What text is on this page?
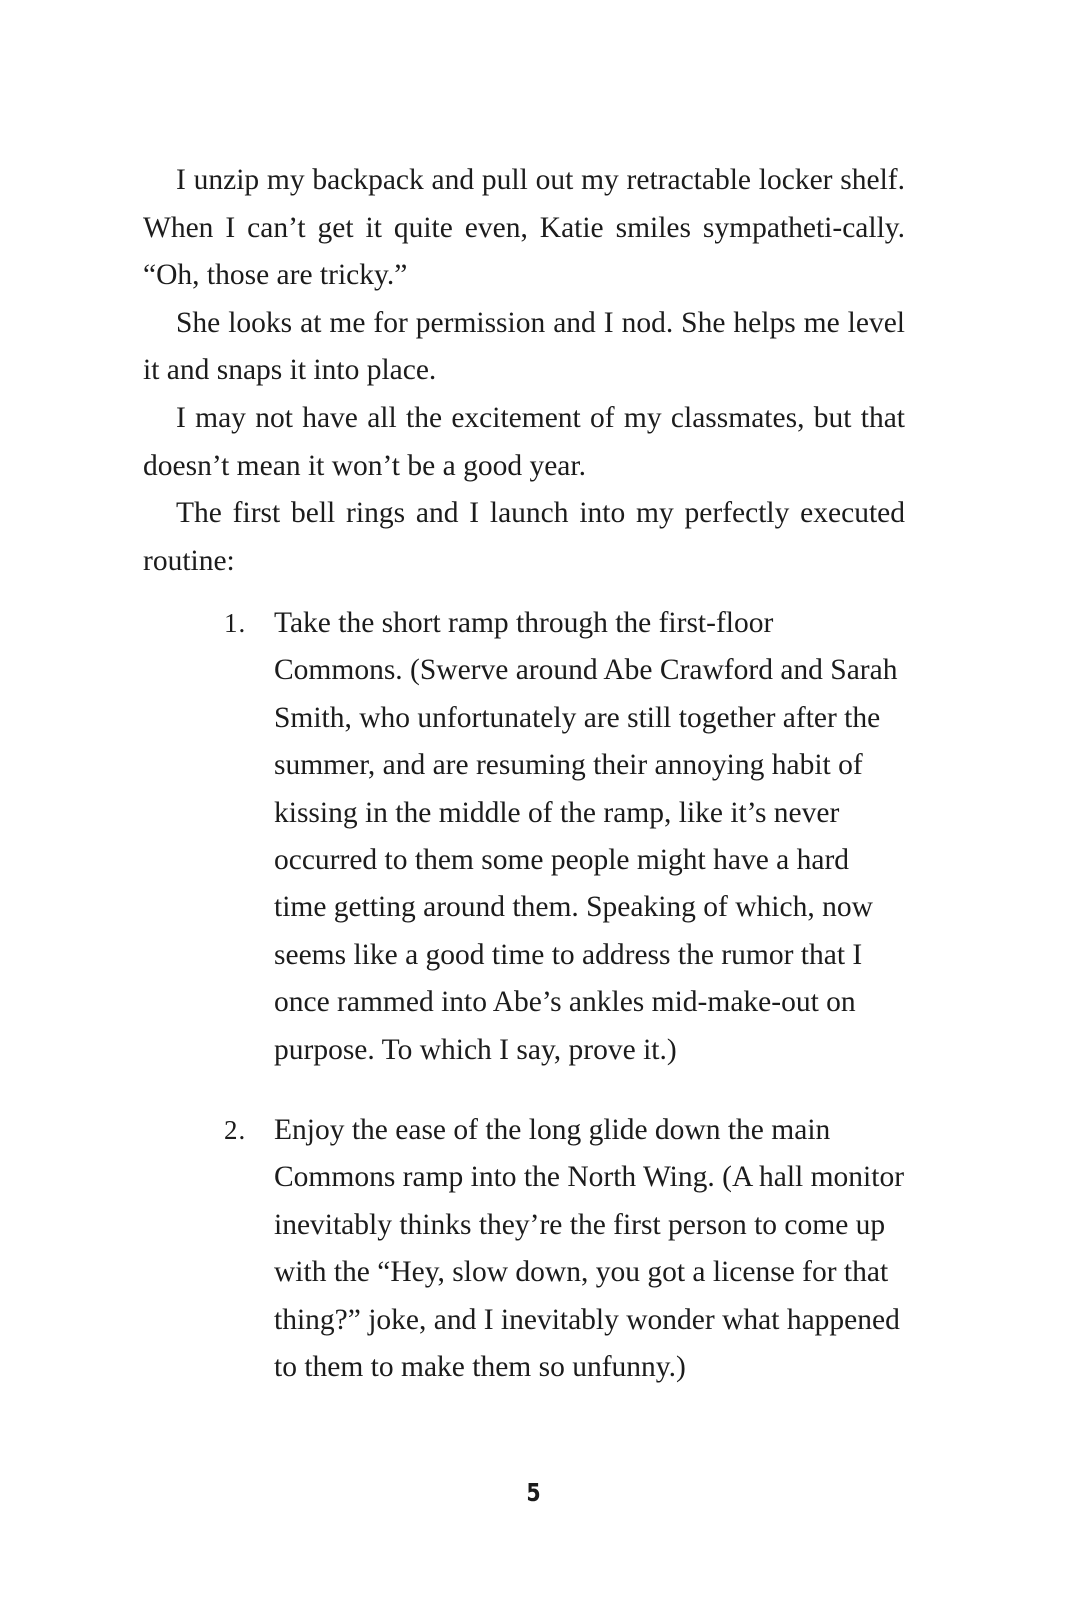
I unzip my backpack and pull out my retractable locker shelf. When I can’t get it quite even, Katie smiles sympatheti-cally. “Oh, those are tricky.”

She looks at me for permission and I nod. She helps me level it and snaps it into place.

I may not have all the excitement of my classmates, but that doesn’t mean it won’t be a good year.

The first bell rings and I launch into my perfectly executed routine:

1. Take the short ramp through the first-floor Commons. (Swerve around Abe Crawford and Sarah Smith, who unfortunately are still together after the summer, and are resuming their annoying habit of kissing in the middle of the ramp, like it’s never occurred to them some people might have a hard time getting around them. Speaking of which, now seems like a good time to address the rumor that I once rammed into Abe’s ankles mid-make-out on purpose. To which I say, prove it.)
2. Enjoy the ease of the long glide down the main Commons ramp into the North Wing. (A hall monitor inevitably thinks they’re the first person to come up with the “Hey, slow down, you got a license for that thing?” joke, and I inevitably wonder what happened to them to make them so unfunny.)
5
